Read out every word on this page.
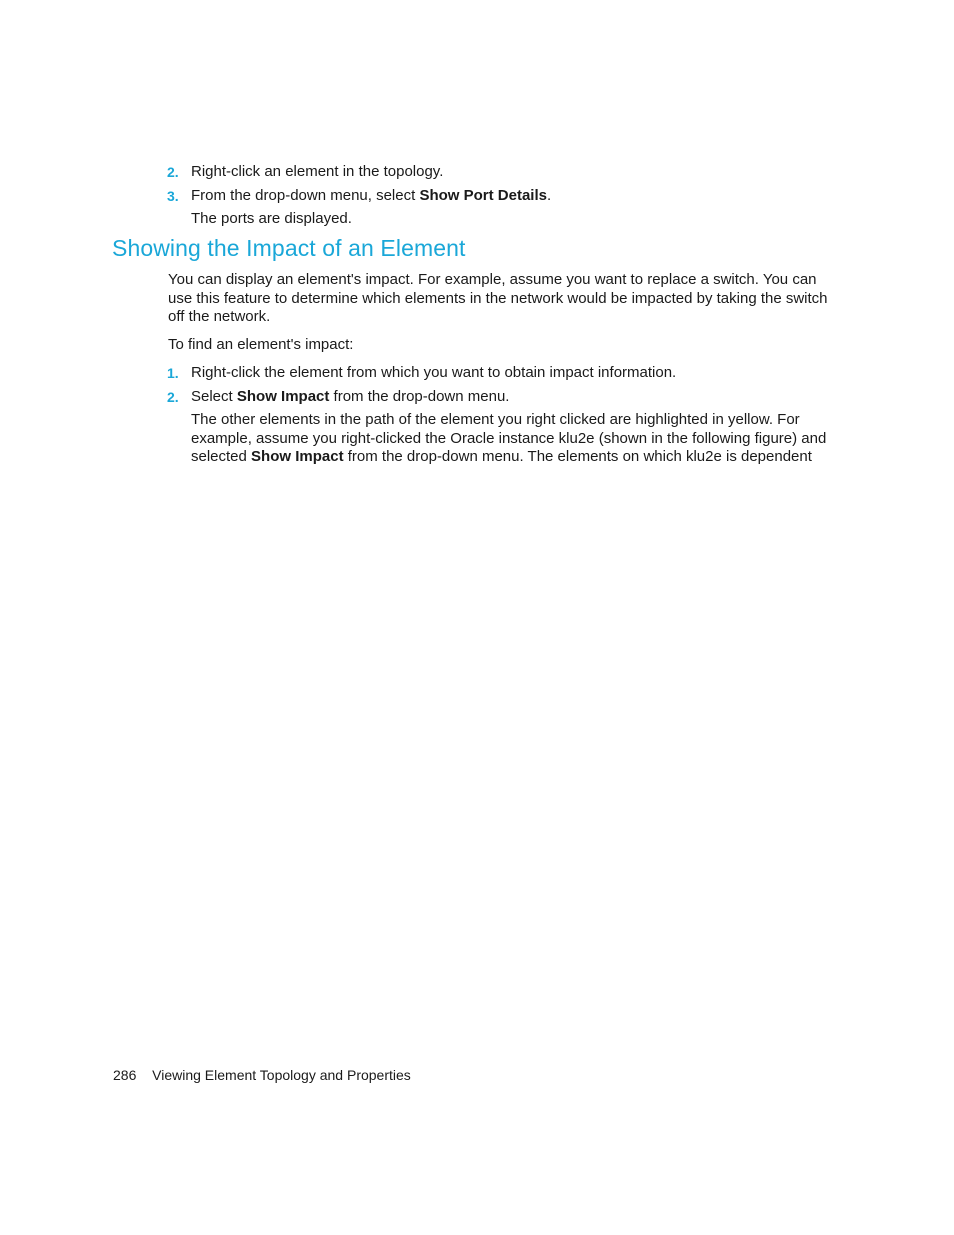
2. Right-click an element in the topology.
3. From the drop-down menu, select Show Port Details.
The ports are displayed.
Showing the Impact of an Element
You can display an element's impact. For example, assume you want to replace a switch. You can
use this feature to determine which elements in the network would be impacted by taking the switch
off the network.
To find an element's impact:
1. Right-click the element from which you want to obtain impact information.
2. Select Show Impact from the drop-down menu.
The other elements in the path of the element you right clicked are highlighted in yellow. For
example, assume you right-clicked the Oracle instance klu2e (shown in the following figure) and
selected Show Impact from the drop-down menu. The elements on which klu2e is dependent
286 Viewing Element Topology and Properties
